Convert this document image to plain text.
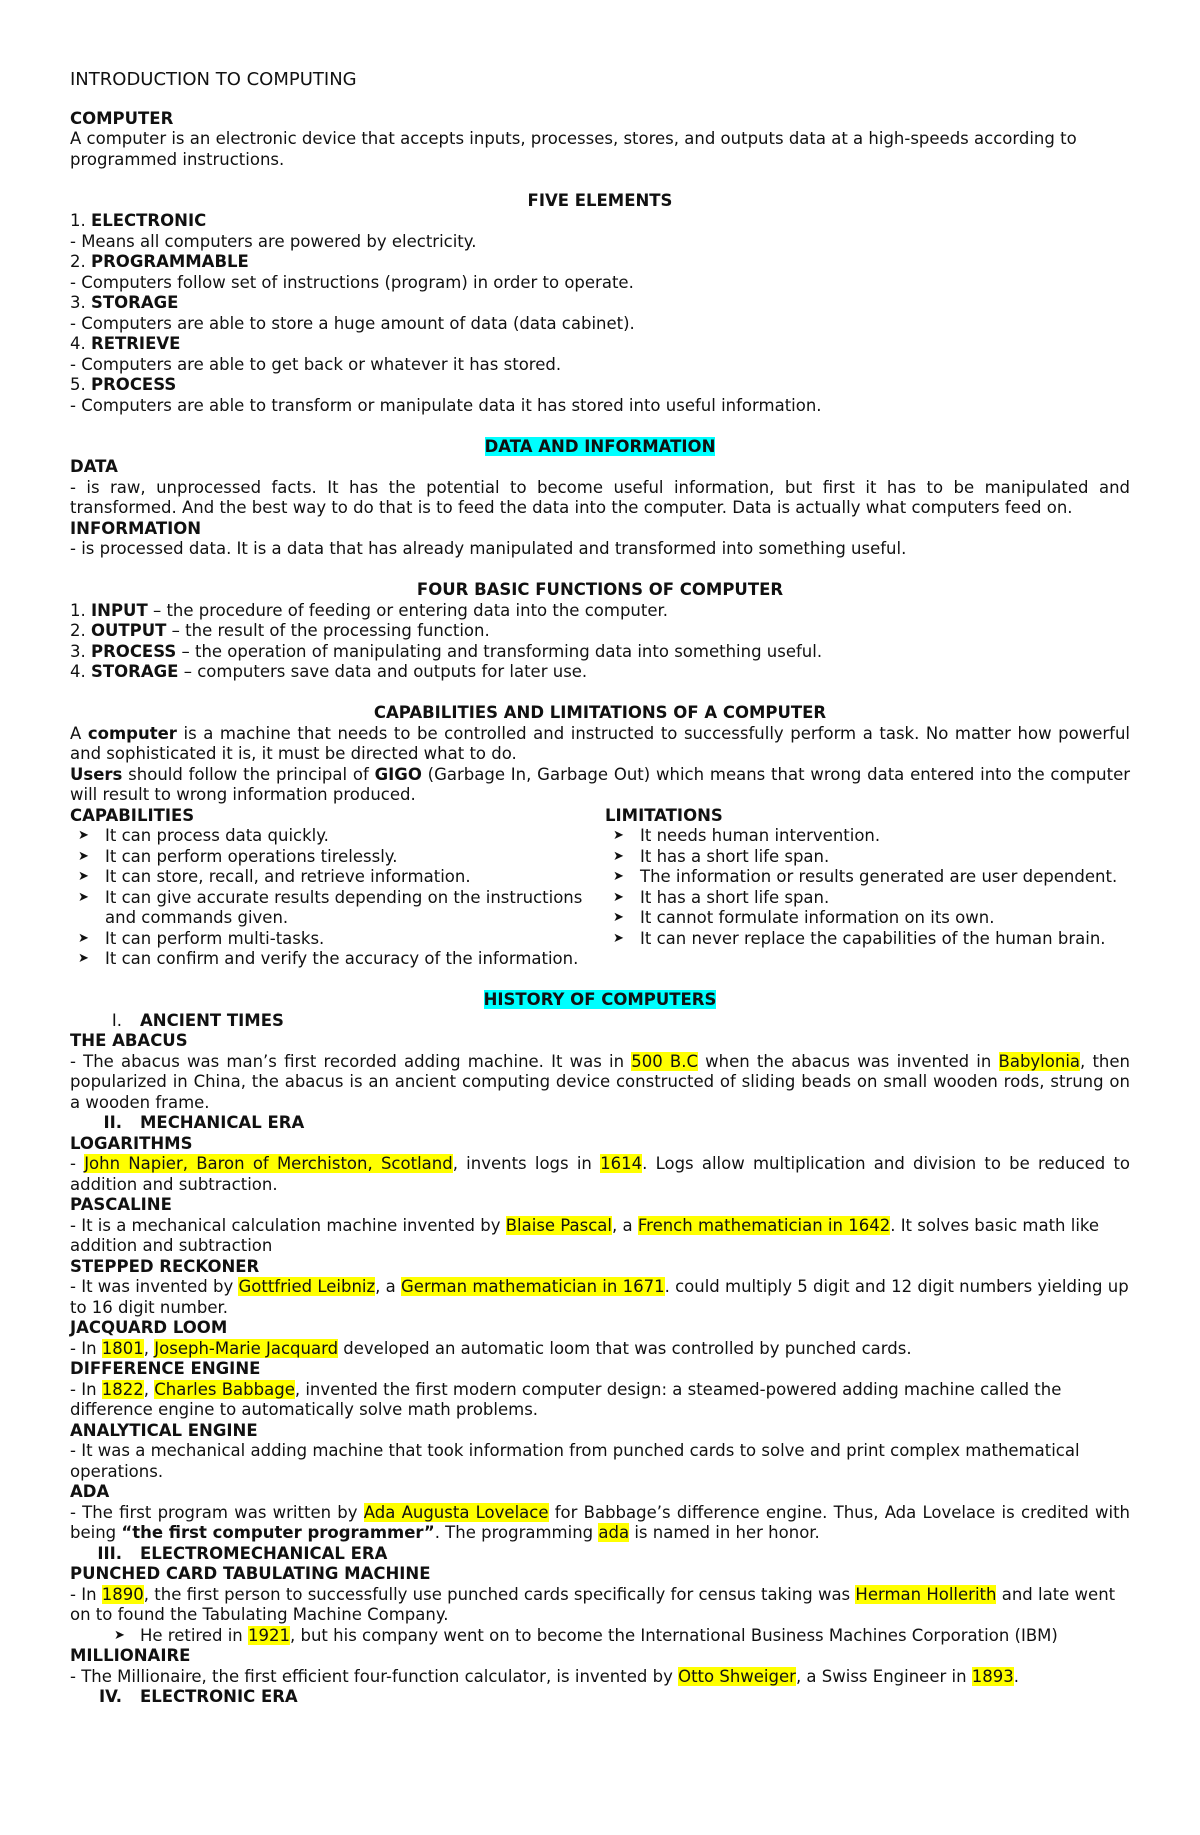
INTRODUCTION TO COMPUTING

COMPUTER

A computer is an electronic device that accepts inputs, processes, stores, and outputs data at a high-speeds according to programmed instructions.

FIVE ELEMENTS

1. ELECTRONIC

- Means all computers are powered by electricity.

2. PROGRAMMABLE

- Computers follow set of instructions (program) in order to operate.

3. STORAGE

- Computers are able to store a huge amount of data (data cabinet).

4. RETRIEVE

- Computers are able to get back or whatever it has stored.

5. PROCESS

- Computers are able to transform or manipulate data it has stored into useful information.

DATA AND INFORMATION

DATA

- is raw, unprocessed facts. It has the potential to become useful information, but first it has to be manipulated and transformed. And the best way to do that is to feed the data into the computer. Data is actually what computers feed on.

INFORMATION

- is processed data. It is a data that has already manipulated and transformed into something useful.

FOUR BASIC FUNCTIONS OF COMPUTER

1. INPUT – the procedure of feeding or entering data into the computer.

2. OUTPUT – the result of the processing function.

3. PROCESS – the operation of manipulating and transforming data into something useful.

4. STORAGE – computers save data and outputs for later use.

CAPABILITIES AND LIMITATIONS OF A COMPUTER

A computer is a machine that needs to be controlled and instructed to successfully perform a task. No matter how powerful and sophisticated it is, it must be directed what to do.

Users should follow the principal of GIGO (Garbage In, Garbage Out) which means that wrong data entered into the computer will result to wrong information produced.

CAPABILITIES

➤ It can process data quickly.
➤ It can perform operations tirelessly.
➤ It can store, recall, and retrieve information.
➤ It can give accurate results depending on the instructions and commands given.
➤ It can perform multi-tasks.
➤ It can confirm and verify the accuracy of the information.

LIMITATIONS

➤ It needs human intervention.
➤ It has a short life span.
➤ The information or results generated are user dependent.
➤ It has a short life span.
➤ It cannot formulate information on its own.
➤ It can never replace the capabilities of the human brain.

HISTORY OF COMPUTERS

I.	ANCIENT TIMES

THE ABACUS

- The abacus was man’s first recorded adding machine. It was in 500 B.C when the abacus was invented in Babylonia, then popularized in China, the abacus is an ancient computing device constructed of sliding beads on small wooden rods, strung on a wooden frame.

II.	MECHANICAL ERA

LOGARITHMS

- John Napier, Baron of Merchiston, Scotland, invents logs in 1614. Logs allow multiplication and division to be reduced to addition and subtraction.

PASCALINE

- It is a mechanical calculation machine invented by Blaise Pascal, a French mathematician in 1642. It solves basic math like addition and subtraction

STEPPED RECKONER

- It was invented by Gottfried Leibniz, a German mathematician in 1671. could multiply 5 digit and 12 digit numbers yielding up to 16 digit number.

JACQUARD LOOM

- In 1801, Joseph-Marie Jacquard developed an automatic loom that was controlled by punched cards.

DIFFERENCE ENGINE

- In 1822, Charles Babbage, invented the first modern computer design: a steamed-powered adding machine called the difference engine to automatically solve math problems.

ANALYTICAL ENGINE

- It was a mechanical adding machine that took information from punched cards to solve and print complex mathematical operations.

ADA

- The first program was written by Ada Augusta Lovelace for Babbage’s difference engine. Thus, Ada Lovelace is credited with being “the first computer programmer”. The programming ada is named in her honor.

III.	ELECTROMECHANICAL ERA

PUNCHED CARD TABULATING MACHINE

- In 1890, the first person to successfully use punched cards specifically for census taking was Herman Hollerith and late went on to found the Tabulating Machine Company.

➤ He retired in 1921, but his company went on to become the International Business Machines Corporation (IBM)

MILLIONAIRE

- The Millionaire, the first efficient four-function calculator, is invented by Otto Shweiger, a Swiss Engineer in 1893.

IV.	ELECTRONIC ERA
